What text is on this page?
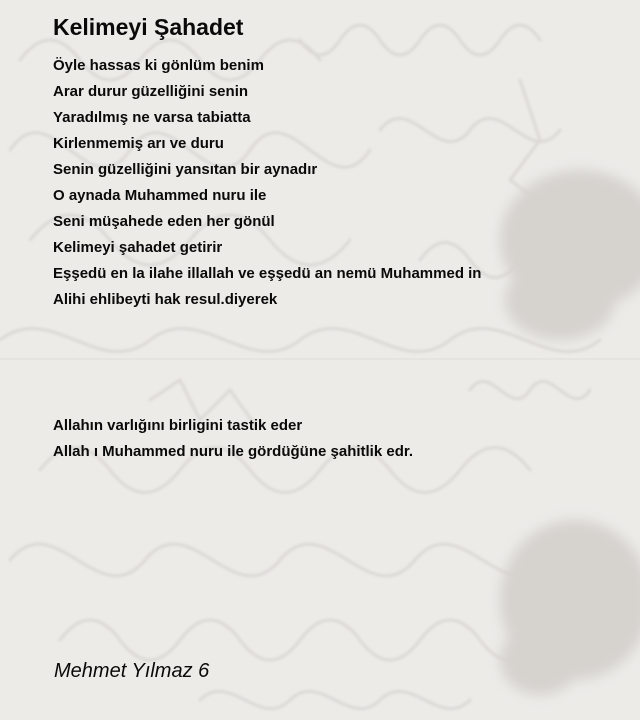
Kelimeyi Şahadet
Öyle hassas ki gönlüm benim
Arar durur güzelliğini senin
Yaradılmış ne varsa tabiatta
Kirlenmemiş arı ve duru
Senin güzelliğini yansıtan bir aynadır
O aynada Muhammed nuru ile
Seni müşahede eden her gönül
Kelimeyi şahadet getirir
Eşşedü en la ilahe illallah ve eşşedü an nemü Muhammed in
Alihi ehlibeyti hak resul.diyerek
Allahın varlığını birligini tastik eder
Allah ı Muhammed nuru ile gördüğüne şahitlik edr.

Mehmet Yılmaz 6
